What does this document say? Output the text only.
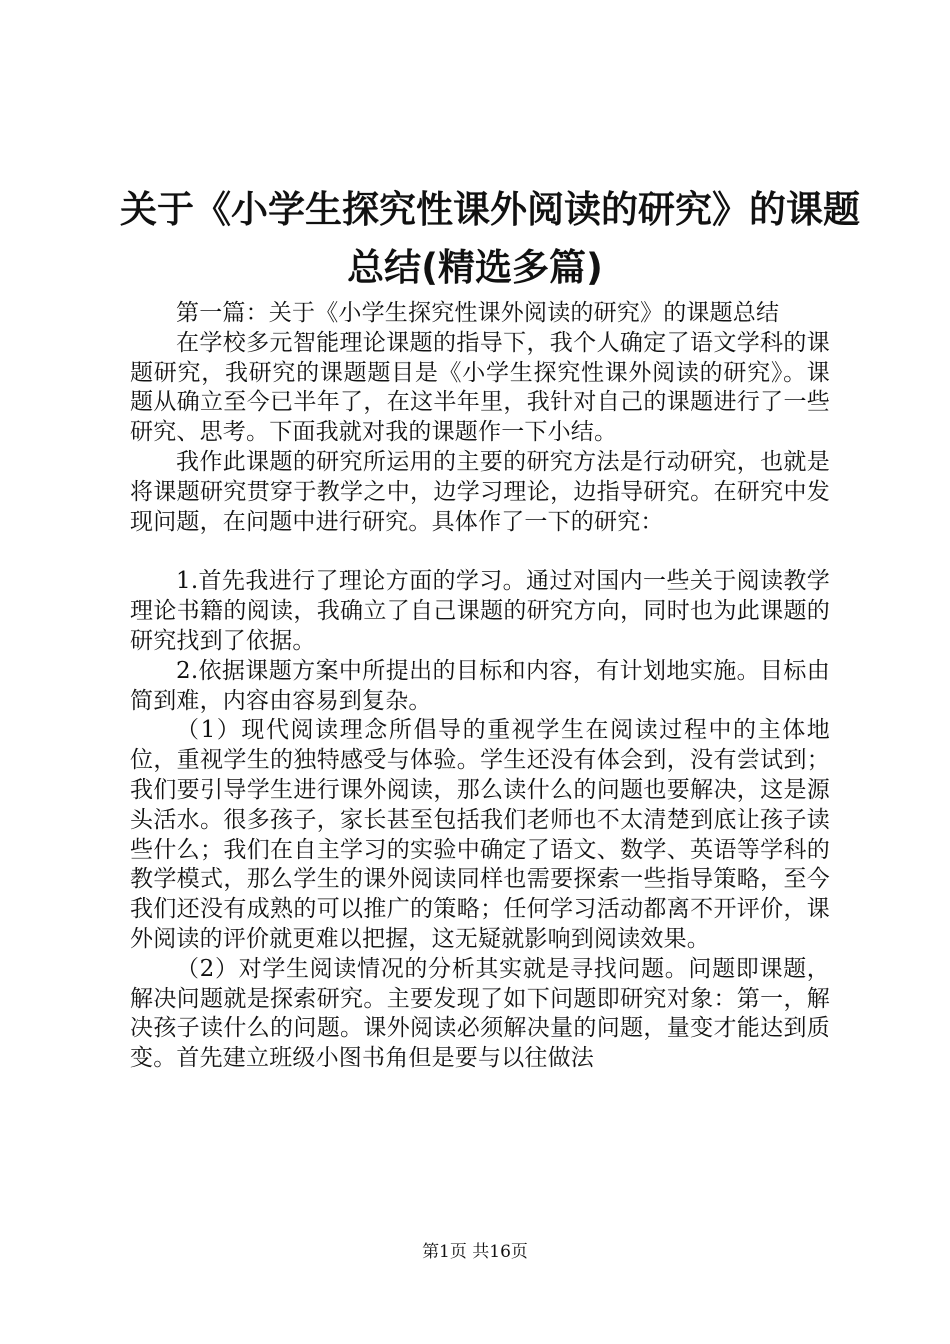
关于《小学生探究性课外阅读的研究》的课题
总结(精选多篇)

第一篇：关于《小学生探究性课外阅读的研究》的课题总结

在学校多元智能理论课题的指导下，我个人确定了语文学科的课题研究，我研究的课题题目是《小学生探究性课外阅读的研究》。课题从确立至今已半年了，在这半年里，我针对自己的课题进行了一些研究、思考。下面我就对我的课题作一下小结。

我作此课题的研究所运用的主要的研究方法是行动研究，也就是将课题研究贯穿于教学之中，边学习理论，边指导研究。在研究中发现问题，在问题中进行研究。具体作了一下的研究：

1.首先我进行了理论方面的学习。通过对国内一些关于阅读教学理论书籍的阅读，我确立了自己课题的研究方向，同时也为此课题的研究找到了依据。

2.依据课题方案中所提出的目标和内容，有计划地实施。目标由简到难，内容由容易到复杂。

（1）现代阅读理念所倡导的重视学生在阅读过程中的主体地位，重视学生的独特感受与体验。学生还没有体会到，没有尝试到；我们要引导学生进行课外阅读，那么读什么的问题也要解决，这是源头活水。很多孩子，家长甚至包括我们老师也不太清楚到底让孩子读些什么；我们在自主学习的实验中确定了语文、数学、英语等学科的教学模式，那么学生的课外阅读同样也需要探索一些指导策略，至今我们还没有成熟的可以推广的策略；任何学习活动都离不开评价，课外阅读的评价就更难以把握，这无疑就影响到阅读效果。

（2）对学生阅读情况的分析其实就是寻找问题。问题即课题，解决问题就是探索研究。主要发现了如下问题即研究对象：第一，解决孩子读什么的问题。课外阅读必须解决量的问题，量变才能达到质变。首先建立班级小图书角但是要与以往做法

第1页 共16页
